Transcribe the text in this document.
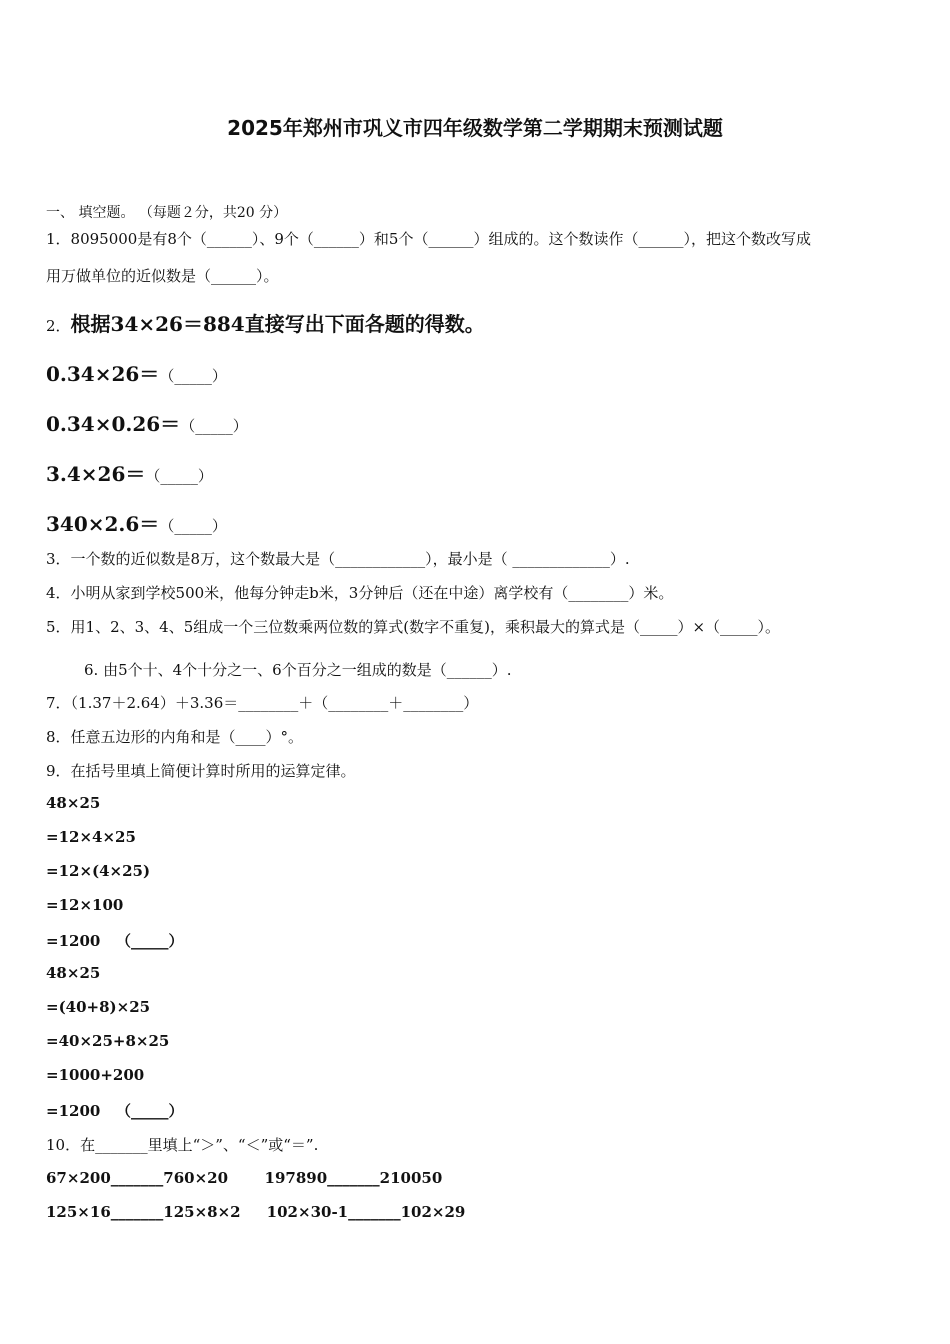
2025年郑州市巩义市四年级数学第二学期期末预测试题
一、 填空题。 （每题２分，共20 分）
1．8095000是有8个（______）、9个（______）和5个（______）组成的。这个数读作（______），把这个数改写成
用万做单位的近似数是（______）。
2．根据34×26＝884直接写出下面各题的得数。
0.34×26＝（_____）
0.34×0.26＝（_____）
3.4×26＝（_____）
340×2.6＝（_____）
3．一个数的近似数是8万，这个数最大是（____________），最小是（ _____________）.
4．小明从家到学校500米，他每分钟走b米，3分钟后（还在中途）离学校有（________）米。
5．用1、2、3、4、5组成一个三位数乘两位数的算式(数字不重复)，乘积最大的算式是（_____）×（_____）。
6. 由5个十、4个十分之一、6个百分之一组成的数是（______）.
7．（1.37＋2.64）＋3.36＝________＋（________＋________）
8．任意五边形的内角和是（____）°。
9．在括号里填上简便计算时所用的运算定律。
48×25
=12×4×25
=12×(4×25)
=12×100
=1200   （_____）
48×25
=(40+8)×25
=40×25+8×25
=1000+200
=1200   （_____）
10．在_______里填上“＞”、“＜”或“＝”.
67×200_______760×20       197890_______210050
125×16_______125×8×2     102×30-1_______102×29
